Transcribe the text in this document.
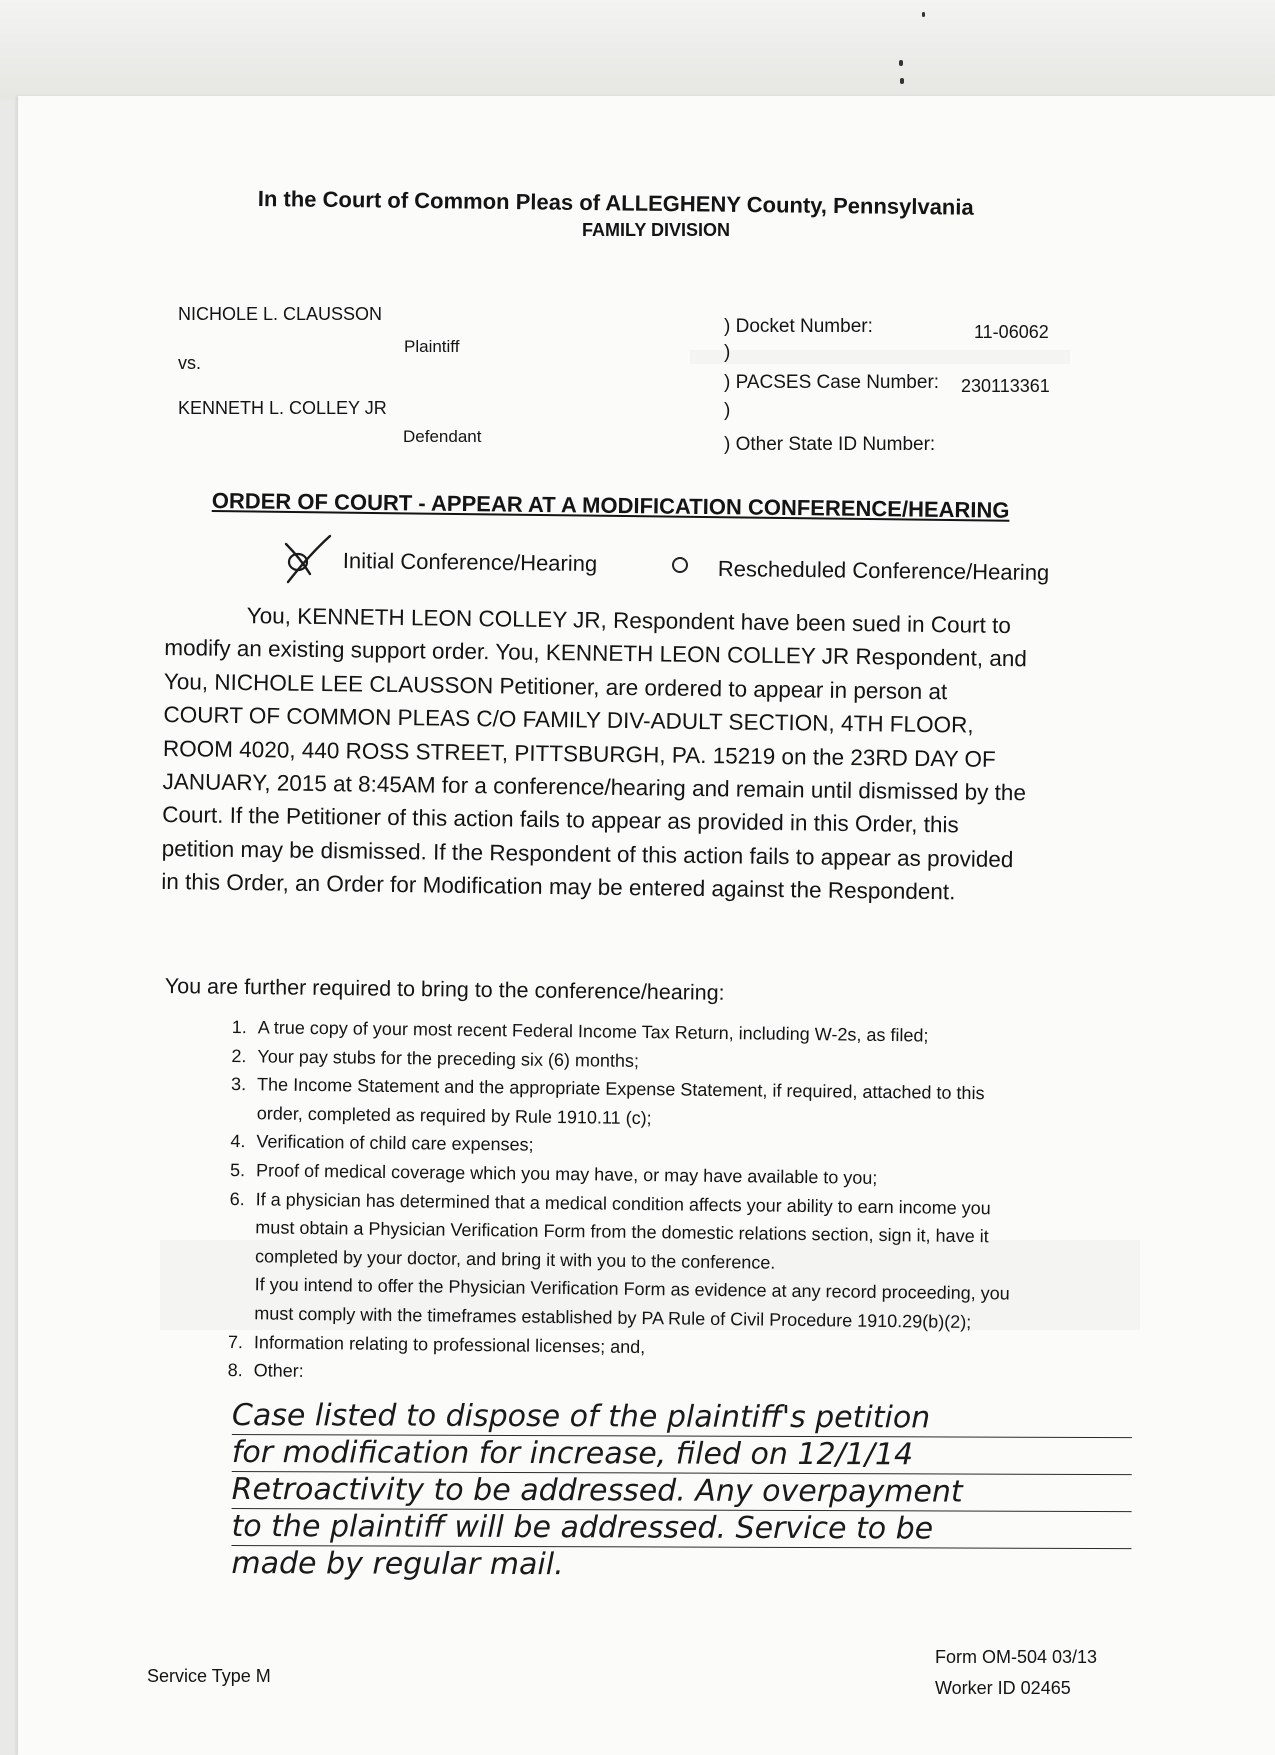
In the Court of Common Pleas of ALLEGHENY County, Pennsylvania
FAMILY DIVISION
NICHOLE L. CLAUSSON
Plaintiff
vs.
KENNETH L. COLLEY JR
Defendant
) Docket Number:	11-06062
)
) PACSES Case Number: 230113361
)
) Other State ID Number:
ORDER OF COURT - APPEAR AT A MODIFICATION CONFERENCE/HEARING
Initial Conference/Hearing	Rescheduled Conference/Hearing

You, KENNETH LEON COLLEY JR, Respondent have been sued in Court to

modify an existing support order. You, KENNETH LEON COLLEY JR Respondent, and

You, NICHOLE LEE CLAUSSON Petitioner, are ordered to appear in person at

COURT OF COMMON PLEAS C/O FAMILY DIV-ADULT SECTION, 4TH FLOOR,

ROOM 4020, 440 ROSS STREET, PITTSBURGH, PA. 15219 on the 23RD DAY OF

JANUARY, 2015 at 8:45AM for a conference/hearing and remain until dismissed by the

Court. If the Petitioner of this action fails to appear as provided in this Order, this

petition may be dismissed. If the Respondent of this action fails to appear as provided

in this Order, an Order for Modification may be entered against the Respondent.

You are further required to bring to the conference/hearing:
1. A true copy of your most recent Federal Income Tax Return, including W-2s, as filed;
2. Your pay stubs for the preceding six (6) months;
3. The Income Statement and the appropriate Expense Statement, if required, attached to this
order, completed as required by Rule 1910.11 (c);
4. Verification of child care expenses;
5. Proof of medical coverage which you may have, or may have available to you;
6. If a physician has determined that a medical condition affects your ability to earn income you
must obtain a Physician Verification Form from the domestic relations section, sign it, have it
completed by your doctor, and bring it with you to the conference.
If you intend to offer the Physician Verification Form as evidence at any record proceeding, you
must comply with the timeframes established by PA Rule of Civil Procedure 1910.29(b)(2);
7. Information relating to professional licenses; and,
8. Other:
Case listed to dispose of the plaintiff's petition
for modification for increase, filed on 12/1/14
Retroactivity to be addressed. Any overpayment
to the plaintiff will be addressed. Service to be
made by regular mail.
Service Type M
Form OM-504 03/13
Worker ID 02465
